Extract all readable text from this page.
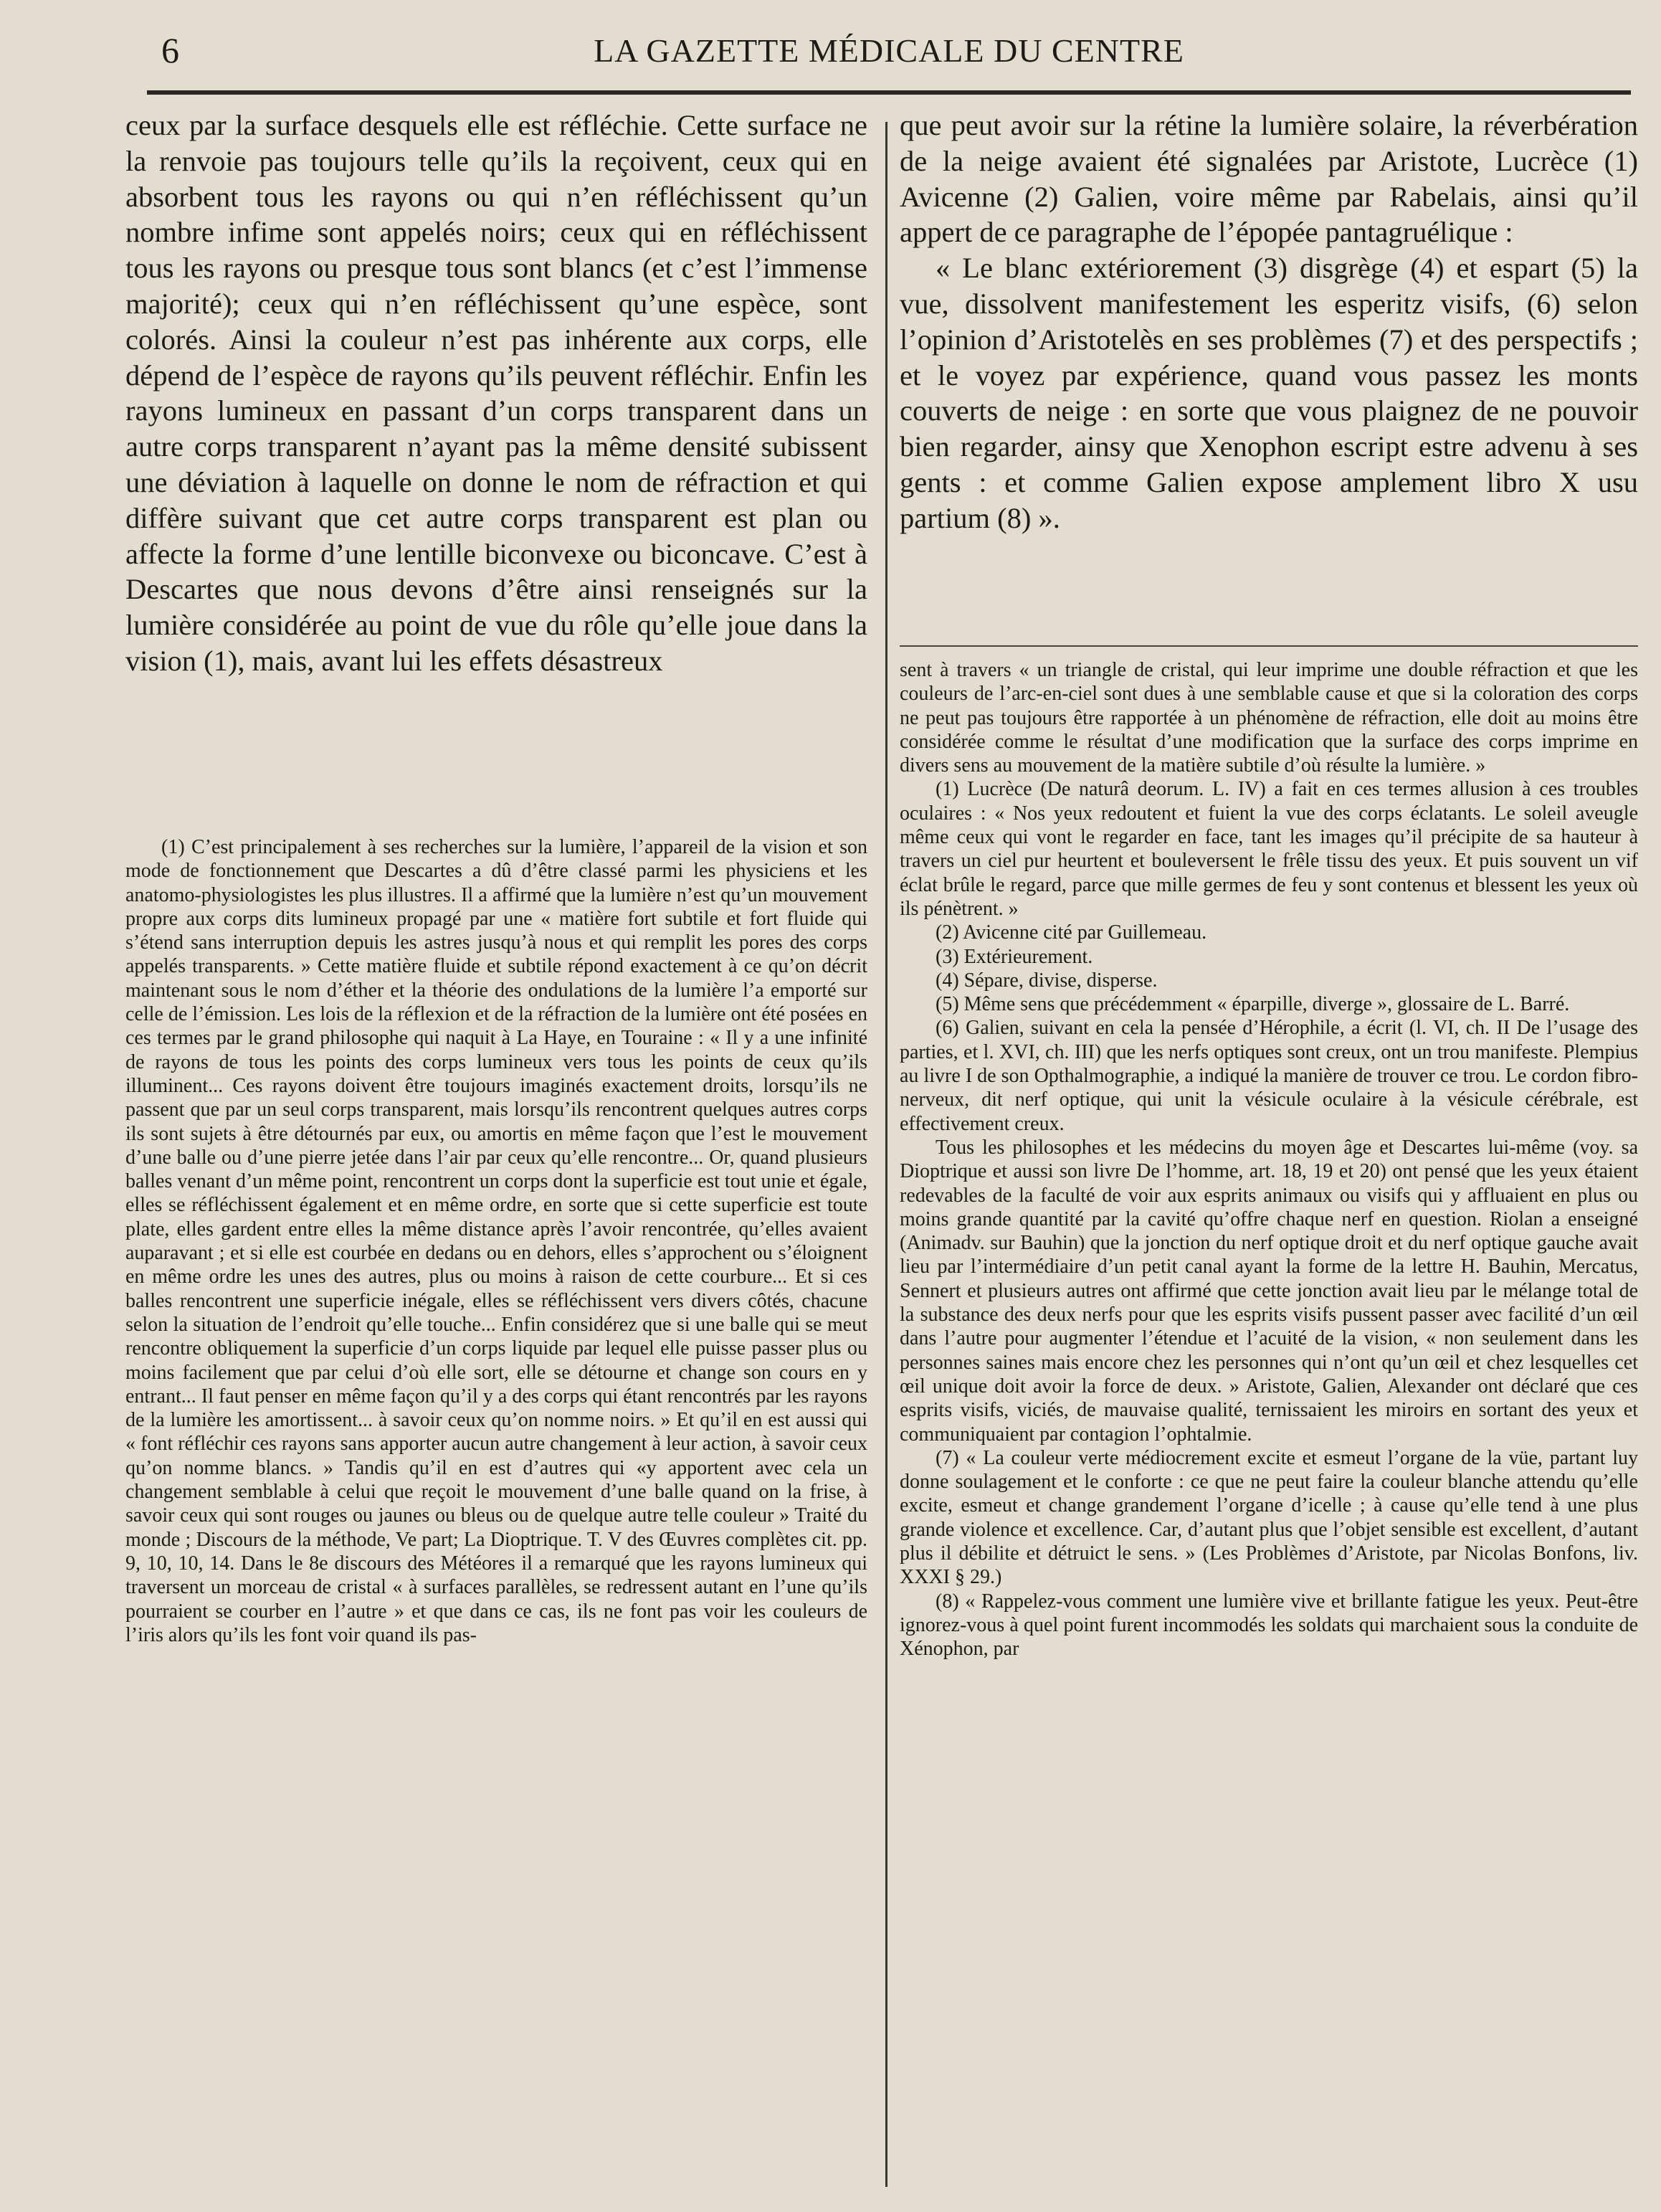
6	LA GAZETTE MÉDICALE DU CENTRE

ceux par la surface desquels elle est réfléchie. Cette surface ne la renvoie pas toujours telle qu’ils la reçoivent, ceux qui en absorbent tous les rayons ou qui n’en réfléchissent qu’un nombre infime sont appelés noirs; ceux qui en réfléchissent tous les rayons ou presque tous sont blancs (et c’est l’immense majorité); ceux qui n’en réfléchissent qu’une espèce, sont colorés. Ainsi la couleur n’est pas inhérente aux corps, elle dépend de l’espèce de rayons qu’ils peuvent réfléchir. Enfin les rayons lumineux en passant d’un corps transparent dans un autre corps transparent n’ayant pas la même densité subissent une déviation à laquelle on donne le nom de réfraction et qui diffère suivant que cet autre corps transparent est plan ou affecte la forme d’une lentille biconvexe ou biconcave. C’est à Descartes que nous devons d’être ainsi renseignés sur la lumière considérée au point de vue du rôle qu’elle joue dans la vision (1), mais, avant lui les effets désastreux

(1) C’est principalement à ses recherches sur la lumière, l’appareil de la vision et son mode de fonctionnement que Descartes a dû d’être classé parmi les physiciens et les anatomo-physiologistes les plus illustres. Il a affirmé que la lumière n’est qu’un mouvement propre aux corps dits lumineux propagé par une « matière fort subtile et fort fluide qui s’étend sans interruption depuis les astres jusqu’à nous et qui remplit les pores des corps appelés transparents. » Cette matière fluide et subtile répond exactement à ce qu’on décrit maintenant sous le nom d’éther et la théorie des ondulations de la lumière l’a emporté sur celle de l’émission. Les lois de la réflexion et de la réfraction de la lumière ont été posées en ces termes par le grand philosophe qui naquit à La Haye, en Touraine : « Il y a une infinité de rayons de tous les points des corps lumineux vers tous les points de ceux qu’ils illuminent... Ces rayons doivent être toujours imaginés exactement droits, lorsqu’ils ne passent que par un seul corps transparent, mais lorsqu’ils rencontrent quelques autres corps ils sont sujets à être détournés par eux, ou amortis en même façon que l’est le mouvement d’une balle ou d’une pierre jetée dans l’air par ceux qu’elle rencontre... Or, quand plusieurs balles venant d’un même point, rencontrent un corps dont la superficie est tout unie et égale, elles se réfléchissent également et en même ordre, en sorte que si cette superficie est toute plate, elles gardent entre elles la même distance après l’avoir rencontrée, qu’elles avaient auparavant ; et si elle est courbée en dedans ou en dehors, elles s’approchent ou s’éloignent en même ordre les unes des autres, plus ou moins à raison de cette courbure... Et si ces balles rencontrent une superficie inégale, elles se réfléchissent vers divers côtés, chacune selon la situation de l’endroit qu’elle touche... Enfin considérez que si une balle qui se meut rencontre obliquement la superficie d’un corps liquide par lequel elle puisse passer plus ou moins facilement que par celui d’où elle sort, elle se détourne et change son cours en y entrant... Il faut penser en même façon qu’il y a des corps qui étant rencontrés par les rayons de la lumière les amortissent... à savoir ceux qu’on nomme noirs. » Et qu’il en est aussi qui « font réfléchir ces rayons sans apporter aucun autre changement à leur action, à savoir ceux qu’on nomme blancs. » Tandis qu’il en est d’autres qui «y apportent avec cela un changement semblable à celui que reçoit le mouvement d’une balle quand on la frise, à savoir ceux qui sont rouges ou jaunes ou bleus ou de quelque autre telle couleur » Traité du monde ; Discours de la méthode, Ve part; La Dioptrique. T. V des Œuvres complètes cit. pp. 9, 10, 10, 14. Dans le 8e discours des Météores il a remarqué que les rayons lumineux qui traversent un morceau de cristal « à surfaces parallèles, se redressent autant en l’une qu’ils pourraient se courber en l’autre » et que dans ce cas, ils ne font pas voir les couleurs de l’iris alors qu’ils les font voir quand ils pas-

que peut avoir sur la rétine la lumière solaire, la réverbération de la neige avaient été signalées par Aristote, Lucrèce (1) Avicenne (2) Galien, voire même par Rabelais, ainsi qu’il appert de ce paragraphe de l’épopée pantagruélique :

« Le blanc extériorement (3) disgrège (4) et espart (5) la vue, dissolvent manifestement les esperitz visifs, (6) selon l’opinion d’Aristotelès en ses problèmes (7) et des perspectifs ; et le voyez par expérience, quand vous passez les monts couverts de neige : en sorte que vous plaignez de ne pouvoir bien regarder, ainsy que Xenophon escript estre advenu à ses gents : et comme Galien expose amplement libro X usu partium (8) ».

sent à travers « un triangle de cristal, qui leur imprime une double réfraction et que les couleurs de l’arc-en-ciel sont dues à une semblable cause et que si la coloration des corps ne peut pas toujours être rapportée à un phénomène de réfraction, elle doit au moins être considérée comme le résultat d’une modification que la surface des corps imprime en divers sens au mouvement de la matière subtile d’où résulte la lumière. »

(1) Lucrèce (De naturâ deorum. L. IV) a fait en ces termes allusion à ces troubles oculaires : « Nos yeux redoutent et fuient la vue des corps éclatants. Le soleil aveugle même ceux qui vont le regarder en face, tant les images qu’il précipite de sa hauteur à travers un ciel pur heurtent et bouleversent le frêle tissu des yeux. Et puis souvent un vif éclat brûle le regard, parce que mille germes de feu y sont contenus et blessent les yeux où ils pénètrent. »

(2) Avicenne cité par Guillemeau.

(3) Extérieurement.

(4) Sépare, divise, disperse.

(5) Même sens que précédemment « éparpille, diverge », glossaire de L. Barré.

(6) Galien, suivant en cela la pensée d’Hérophile, a écrit (l. VI, ch. II De l’usage des parties, et l. XVI, ch. III) que les nerfs optiques sont creux, ont un trou manifeste. Plempius au livre I de son Opthalmographie, a indiqué la manière de trouver ce trou. Le cordon fibro-nerveux, dit nerf optique, qui unit la vésicule oculaire à la vésicule cérébrale, est effectivement creux.

Tous les philosophes et les médecins du moyen âge et Descartes lui-même (voy. sa Dioptrique et aussi son livre De l’homme, art. 18, 19 et 20) ont pensé que les yeux étaient redevables de la faculté de voir aux esprits animaux ou visifs qui y affluaient en plus ou moins grande quantité par la cavité qu’offre chaque nerf en question. Riolan a enseigné (Animadv. sur Bauhin) que la jonction du nerf optique droit et du nerf optique gauche avait lieu par l’intermédiaire d’un petit canal ayant la forme de la lettre H. Bauhin, Mercatus, Sennert et plusieurs autres ont affirmé que cette jonction avait lieu par le mélange total de la substance des deux nerfs pour que les esprits visifs pussent passer avec facilité d’un œil dans l’autre pour augmenter l’étendue et l’acuité de la vision, « non seulement dans les personnes saines mais encore chez les personnes qui n’ont qu’un œil et chez lesquelles cet œil unique doit avoir la force de deux. » Aristote, Galien, Alexander ont déclaré que ces esprits visifs, viciés, de mauvaise qualité, ternissaient les miroirs en sortant des yeux et communiquaient par contagion l’ophtalmie.

(7) « La couleur verte médiocrement excite et esmeut l’organe de la vüe, partant luy donne soulagement et le conforte : ce que ne peut faire la couleur blanche attendu qu’elle excite, esmeut et change grandement l’organe d’icelle ; à cause qu’elle tend à une plus grande violence et excellence. Car, d’autant plus que l’objet sensible est excellent, d’autant plus il débilite et détruict le sens. » (Les Problèmes d’Aristote, par Nicolas Bonfons, liv. XXXI § 29.)

(8) « Rappelez-vous comment une lumière vive et brillante fatigue les yeux. Peut-être ignorez-vous à quel point furent incommodés les soldats qui marchaient sous la conduite de Xénophon, par
